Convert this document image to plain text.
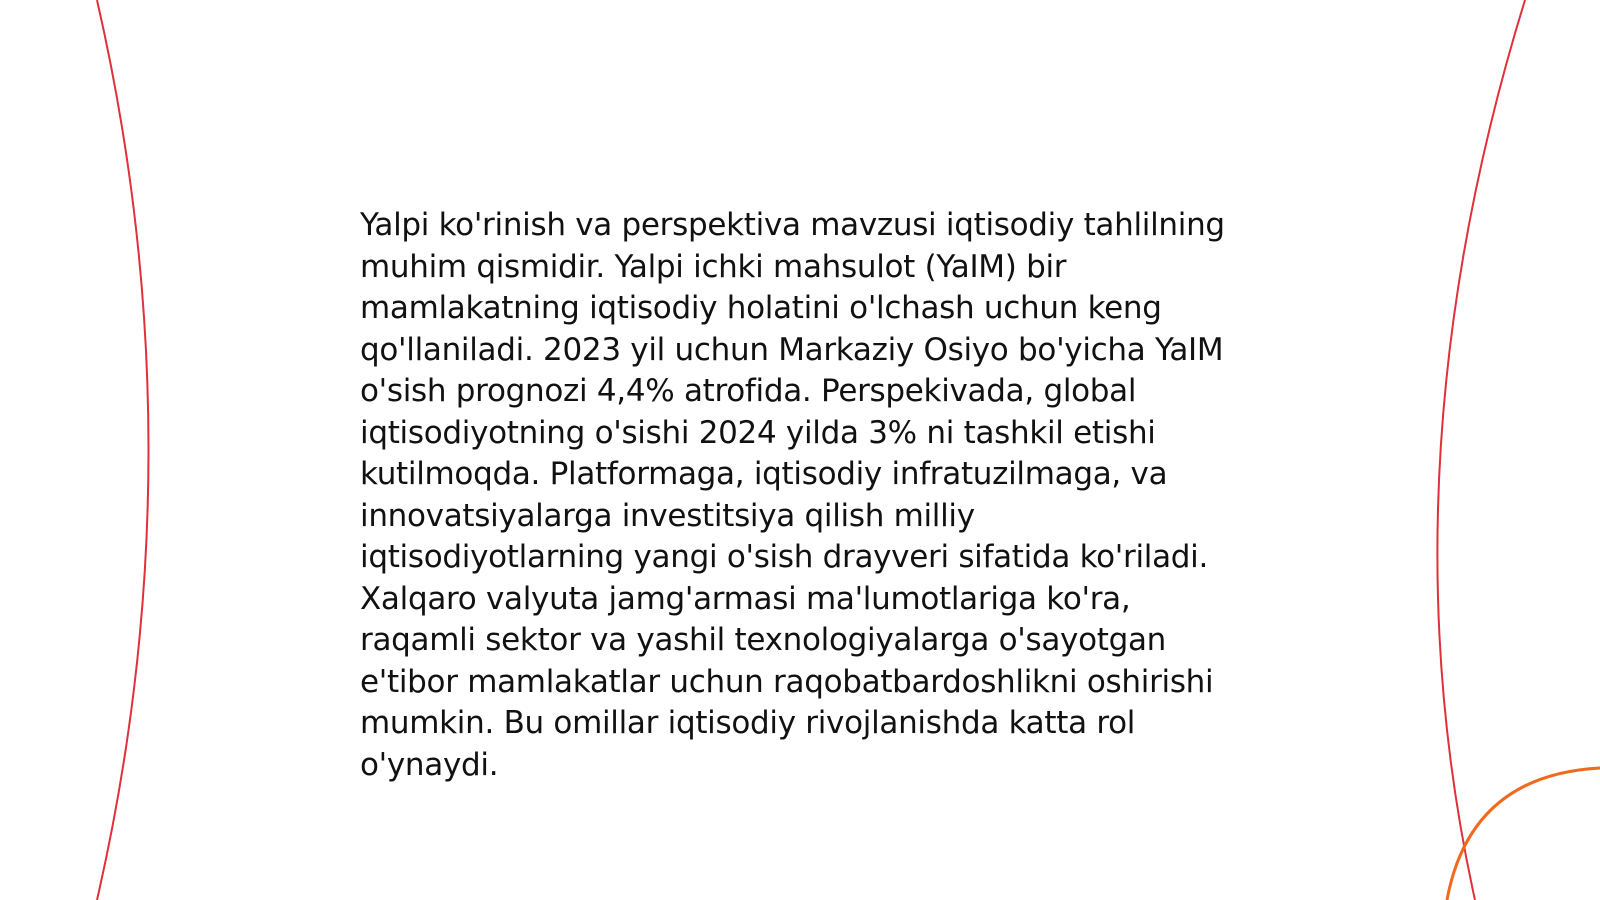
Yalpi ko'rinish va perspektiva mavzusi iqtisodiy tahlilning muhim qismidir. Yalpi ichki mahsulot (YaIM) bir mamlakatning iqtisodiy holatini o'lchash uchun keng qo'llaniladi. 2023 yil uchun Markaziy Osiyo bo'yicha YaIM o'sish prognozi 4,4% atrofida. Perspekivada, global iqtisodiyotning o'sishi 2024 yilda 3% ni tashkil etishi kutilmoqda. Platformaga, iqtisodiy infratuzilmaga, va innovatsiyalarga investitsiya qilish milliy iqtisodiyotlarning yangi o'sish drayveri sifatida ko'riladi. Xalqaro valyuta jamg'armasi ma'lumotlariga ko'ra, raqamli sektor va yashil texnologiyalarga o'sayotgan e'tibor mamlakatlar uchun raqobatbardoshlikni oshirishi mumkin. Bu omillar iqtisodiy rivojlanishda katta rol o'ynaydi.
